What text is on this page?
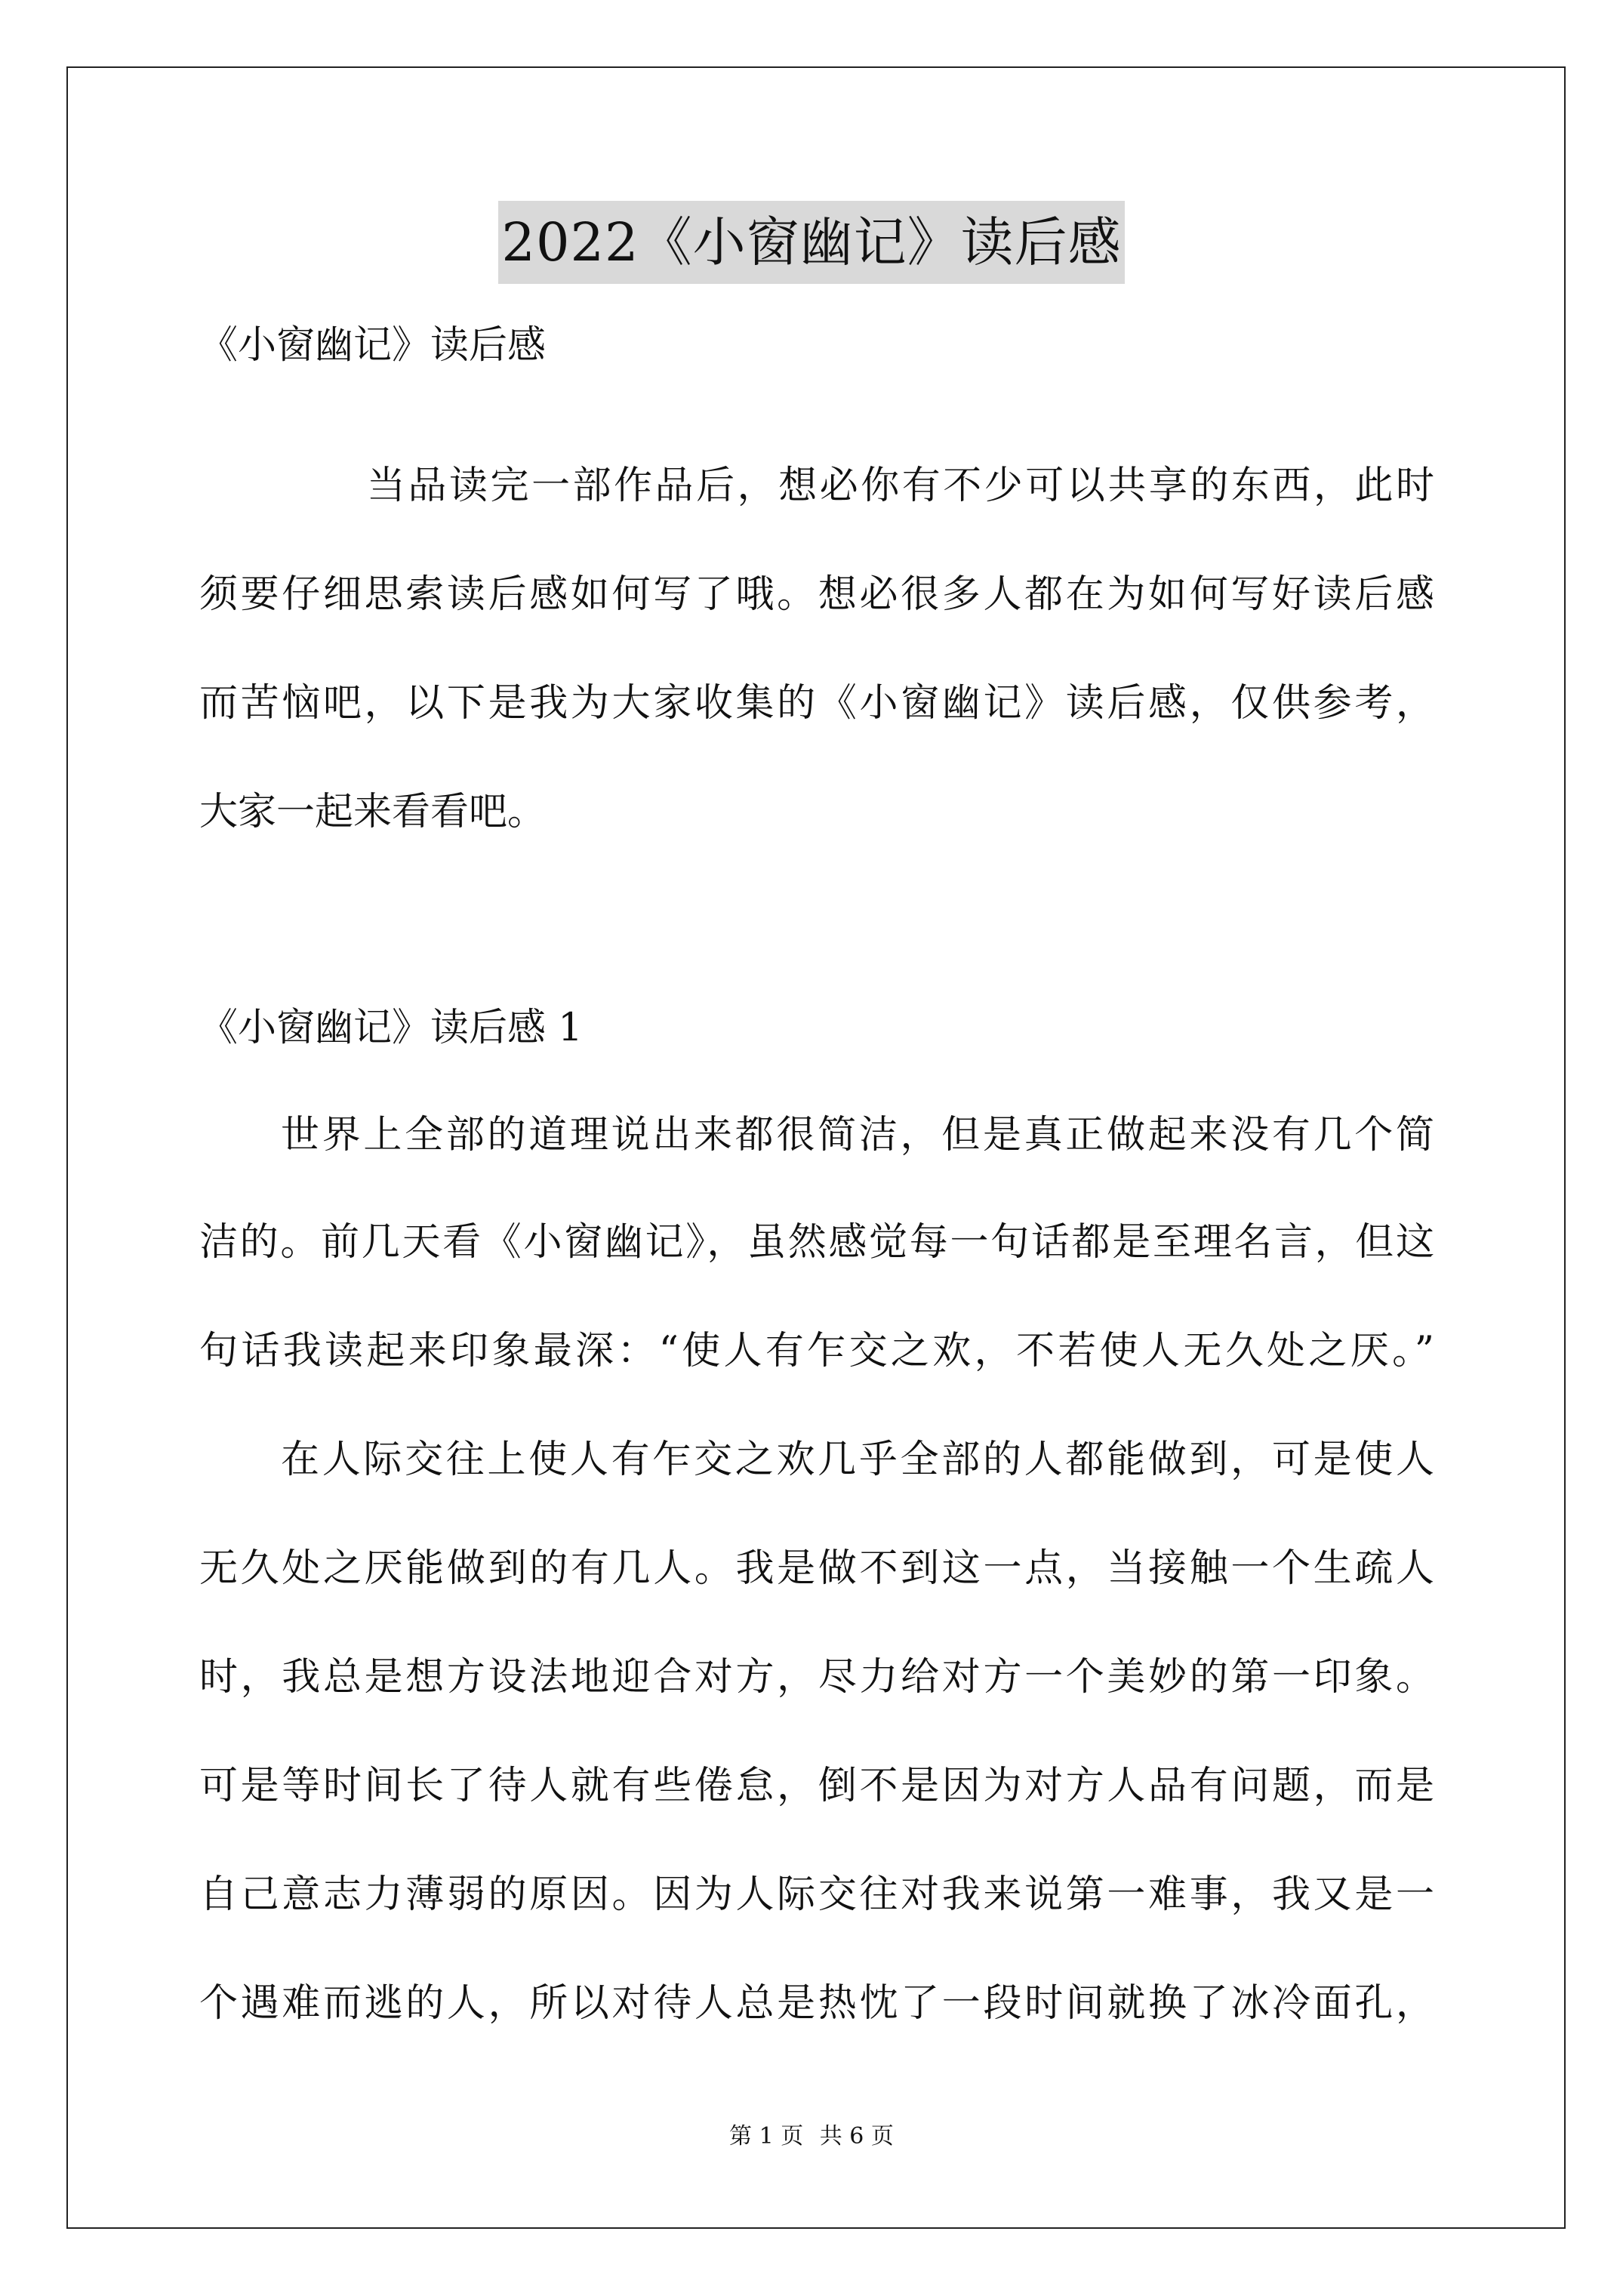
2022《小窗幽记》读后感
《小窗幽记》读后感
当品读完一部作品后，想必你有不少可以共享的东西，此时
须要仔细思索读后感如何写了哦。想必很多人都在为如何写好读后感
而苦恼吧，以下是我为大家收集的《小窗幽记》读后感，仅供参考，
大家一起来看看吧。
《小窗幽记》读后感 1
世界上全部的道理说出来都很简洁，但是真正做起来没有几个简
洁的。前几天看《小窗幽记》，虽然感觉每一句话都是至理名言，但这
句话我读起来印象最深：“使人有乍交之欢，不若使人无久处之厌。”
在人际交往上使人有乍交之欢几乎全部的人都能做到，可是使人
无久处之厌能做到的有几人。我是做不到这一点，当接触一个生疏人
时，我总是想方设法地迎合对方，尽力给对方一个美妙的第一印象。
可是等时间长了待人就有些倦怠，倒不是因为对方人品有问题，而是
自己意志力薄弱的原因。因为人际交往对我来说第一难事，我又是一
个遇难而逃的人，所以对待人总是热忱了一段时间就换了冰冷面孔，
第 1 页 共 6 页
